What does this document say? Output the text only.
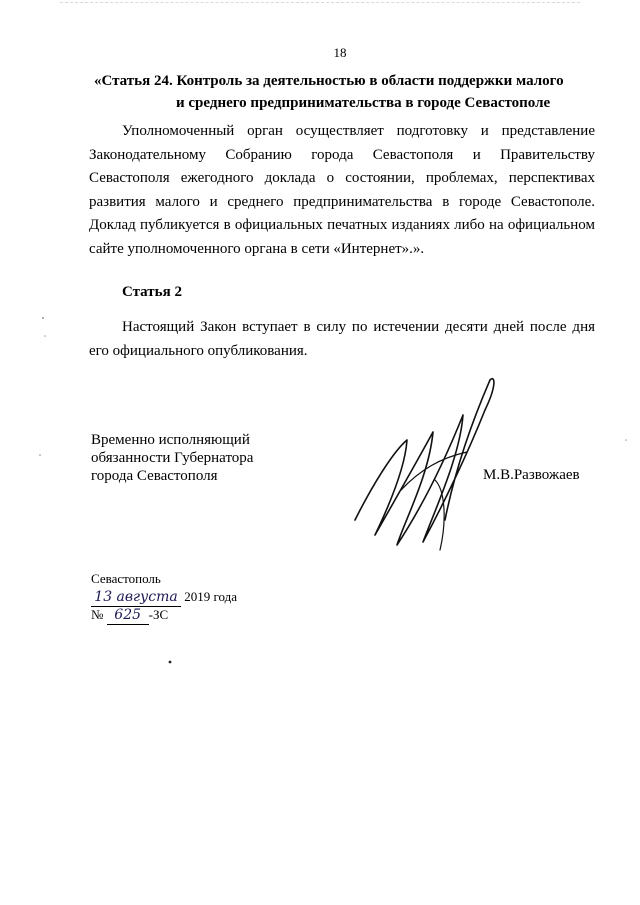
18
«Статья 24. Контроль за деятельностью в области поддержки малого
и среднего предпринимательства в городе Севастополе
Уполномоченный орган осуществляет подготовку и представление Законодательному Собранию города Севастополя и Правительству Севастополя ежегодного доклада о состоянии, проблемах, перспективах развития малого и среднего предпринимательства в городе Севастополе. Доклад публикуется в официальных печатных изданиях либо на официальном сайте уполномоченного органа в сети «Интернет».».
Статья 2
Настоящий Закон вступает в силу по истечении десяти дней после дня его официального опубликования.
Временно исполняющий
обязанности Губернатора
города Севастополя	М.В.Развожаев
Севастополь
13 августа 2019 года
№ 625 -ЗС
